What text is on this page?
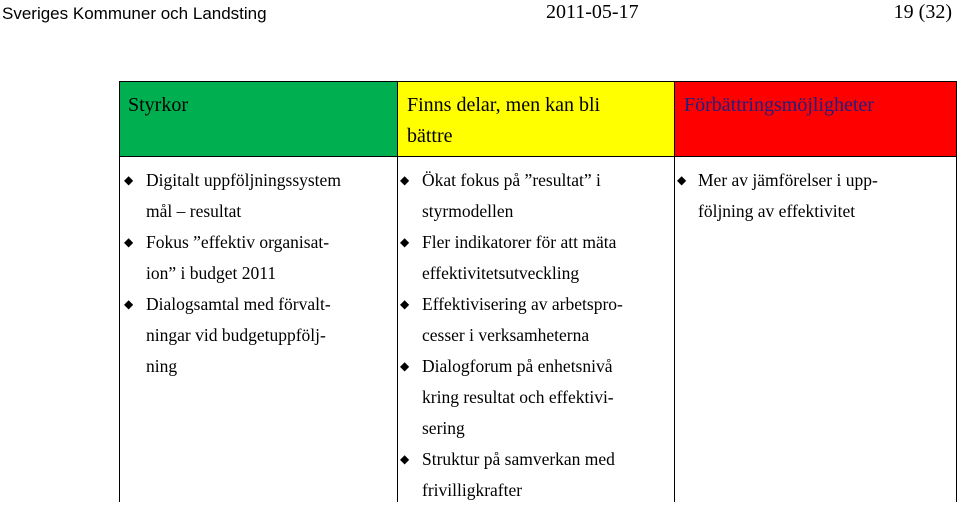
Sveriges Kommuner och Landsting	2011-05-17	19 (32)
Styrkor
◆ Digitalt uppföljningssystem
mål – resultat
◆ Fokus ”effektiv organisat-
ion” i budget 2011
◆ Dialogsamtal med förvalt-
ningar vid budgetuppfölj-
ning
Finns delar, men kan bli
bättre
◆ Ökat fokus på ”resultat” i
styrmodellen
◆ Fler indikatorer för att mäta
effektivitetsutveckling
◆ Effektivisering av arbetspro-
cesser i verksamheterna
◆ Dialogforum på enhetsnivå
kring resultat och effektivi-
sering
◆ Struktur på samverkan med
frivilligkrafter
Förbättringsmöjligheter
◆ Mer av jämförelser i upp-
följning av effektivitet
